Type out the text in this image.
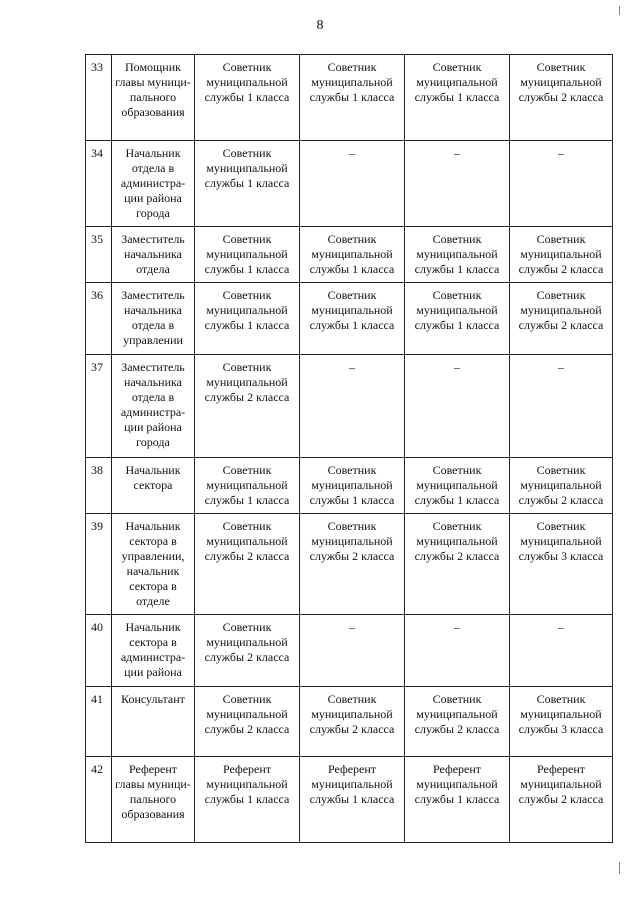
8
33	Помощник главы муници-пального образования	Советник муниципальной службы 1 класса	Советник муниципальной службы 1 класса	Советник муниципальной службы 1 класса	Советник муниципальной службы 2 класса
34	Начальник отдела в администра-ции района города	Советник муниципальной службы 1 класса	–	–	–
35	Заместитель начальника отдела	Советник муниципальной службы 1 класса	Советник муниципальной службы 1 класса	Советник муниципальной службы 1 класса	Советник муниципальной службы 2 класса
36	Заместитель начальника отдела в управлении	Советник муниципальной службы 1 класса	Советник муниципальной службы 1 класса	Советник муниципальной службы 1 класса	Советник муниципальной службы 2 класса
37	Заместитель начальника отдела в администра-ции района города	Советник муниципальной службы 2 класса	–	–	–
38	Начальник сектора	Советник муниципальной службы 1 класса	Советник муниципальной службы 1 класса	Советник муниципальной службы 1 класса	Советник муниципальной службы 2 класса
39	Начальник сектора в управлении, начальник сектора в отделе	Советник муниципальной службы 2 класса	Советник муниципальной службы 2 класса	Советник муниципальной службы 2 класса	Советник муниципальной службы 3 класса
40	Начальник сектора в администра-ции района	Советник муниципальной службы 2 класса	–	–	–
41	Консультант	Советник муниципальной службы 2 класса	Советник муниципальной службы 2 класса	Советник муниципальной службы 2 класса	Советник муниципальной службы 3 класса
42	Референт главы муници-пального образования	Референт муниципальной службы 1 класса	Референт муниципальной службы 1 класса	Референт муниципальной службы 1 класса	Референт муниципальной службы 2 класса
